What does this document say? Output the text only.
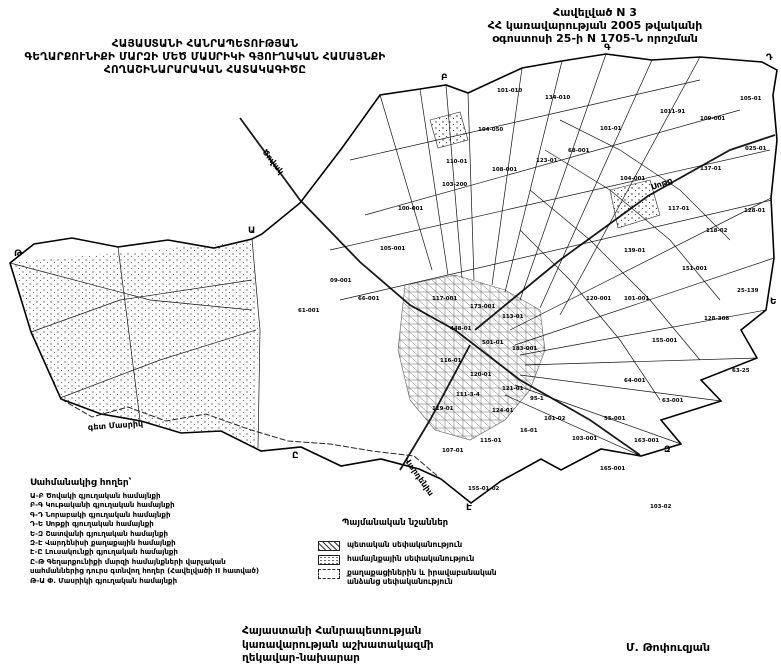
101-010
134-010
104-050
110-01
108-001
123-01
103-200
100-001
68-001
101-01
1011-91
104-001
109-001
105-01
025-01
137-01
117-01
118-02
128-01
139-01
151-001
25-139
128-308
101-001
155-001
63-25
64-001
63-001
55-001
163-001
103-001
101-02
120-001
105-001
66-001
09-001
61-001
117-001
173-001
113-01
448-01
501-01
183-001
116-01
120-01
121-01
111-3-4
119-01	124-01
95-1
16-01
115-01
107-01
155-01-02
165-001
103-02
Ա
Բ
Գ
Դ
Ե
Զ
Է
Ը
Թ
Ծովակ
Վարդենիս
Սոթք
գետ Մասրիկ
Հավելված N 3
ՀՀ կառավարության 2005 թվականի
օգոստոսի 25-ի N 1705-Ն որոշման
ՀԱՅԱՍՏԱՆԻ ՀԱՆՐԱՊԵՏՈՒԹՅԱՆ
ԳԵՂԱՐՔՈՒՆԻՔԻ ՄԱՐԶԻ ՄԵԾ ՄԱՍՐԻԿԻ ԳՅՈՒՂԱԿԱՆ ՀԱՄԱՅՆՔԻ
ՀՈՂԱՇԻՆԱՐԱՐԱԿԱՆ ՀԱՏԱԿԱԳԻԾԸ
Սահմանակից հողեր՝
Ա-Բ Ծովակի գյուղական համայնքի
Բ-Գ Կութականի գյուղական համայնքի
Գ-Դ Նորաբակի գյուղական համայնքի
Դ-Ե Սոթքի գյուղական համայնքի
Ե-Զ Շատվանի գյուղական համայնքի
Զ-Է Վարդենիսի քաղաքային համայնքի
Է-Ը Լուսակունքի գյուղական համայնքի
Ը-Թ Գեղարքունիքի մարզի համայնքների վարչական սահմաններից դուրս գտնվող հողեր (Հավելվածի II հատված)
Թ-Ա Փ. Մասրիկի գյուղական համայնքի
Պայմանական նշաններ
պետական սեփականություն
համայնքային սեփականություն
քաղաքացիներին և իրավաբանական անձանց սեփականություն
Հայաստանի Հանրապետության
կառավարության աշխատակազմի
ղեկավար-նախարար
Մ. Թոփուզյան
